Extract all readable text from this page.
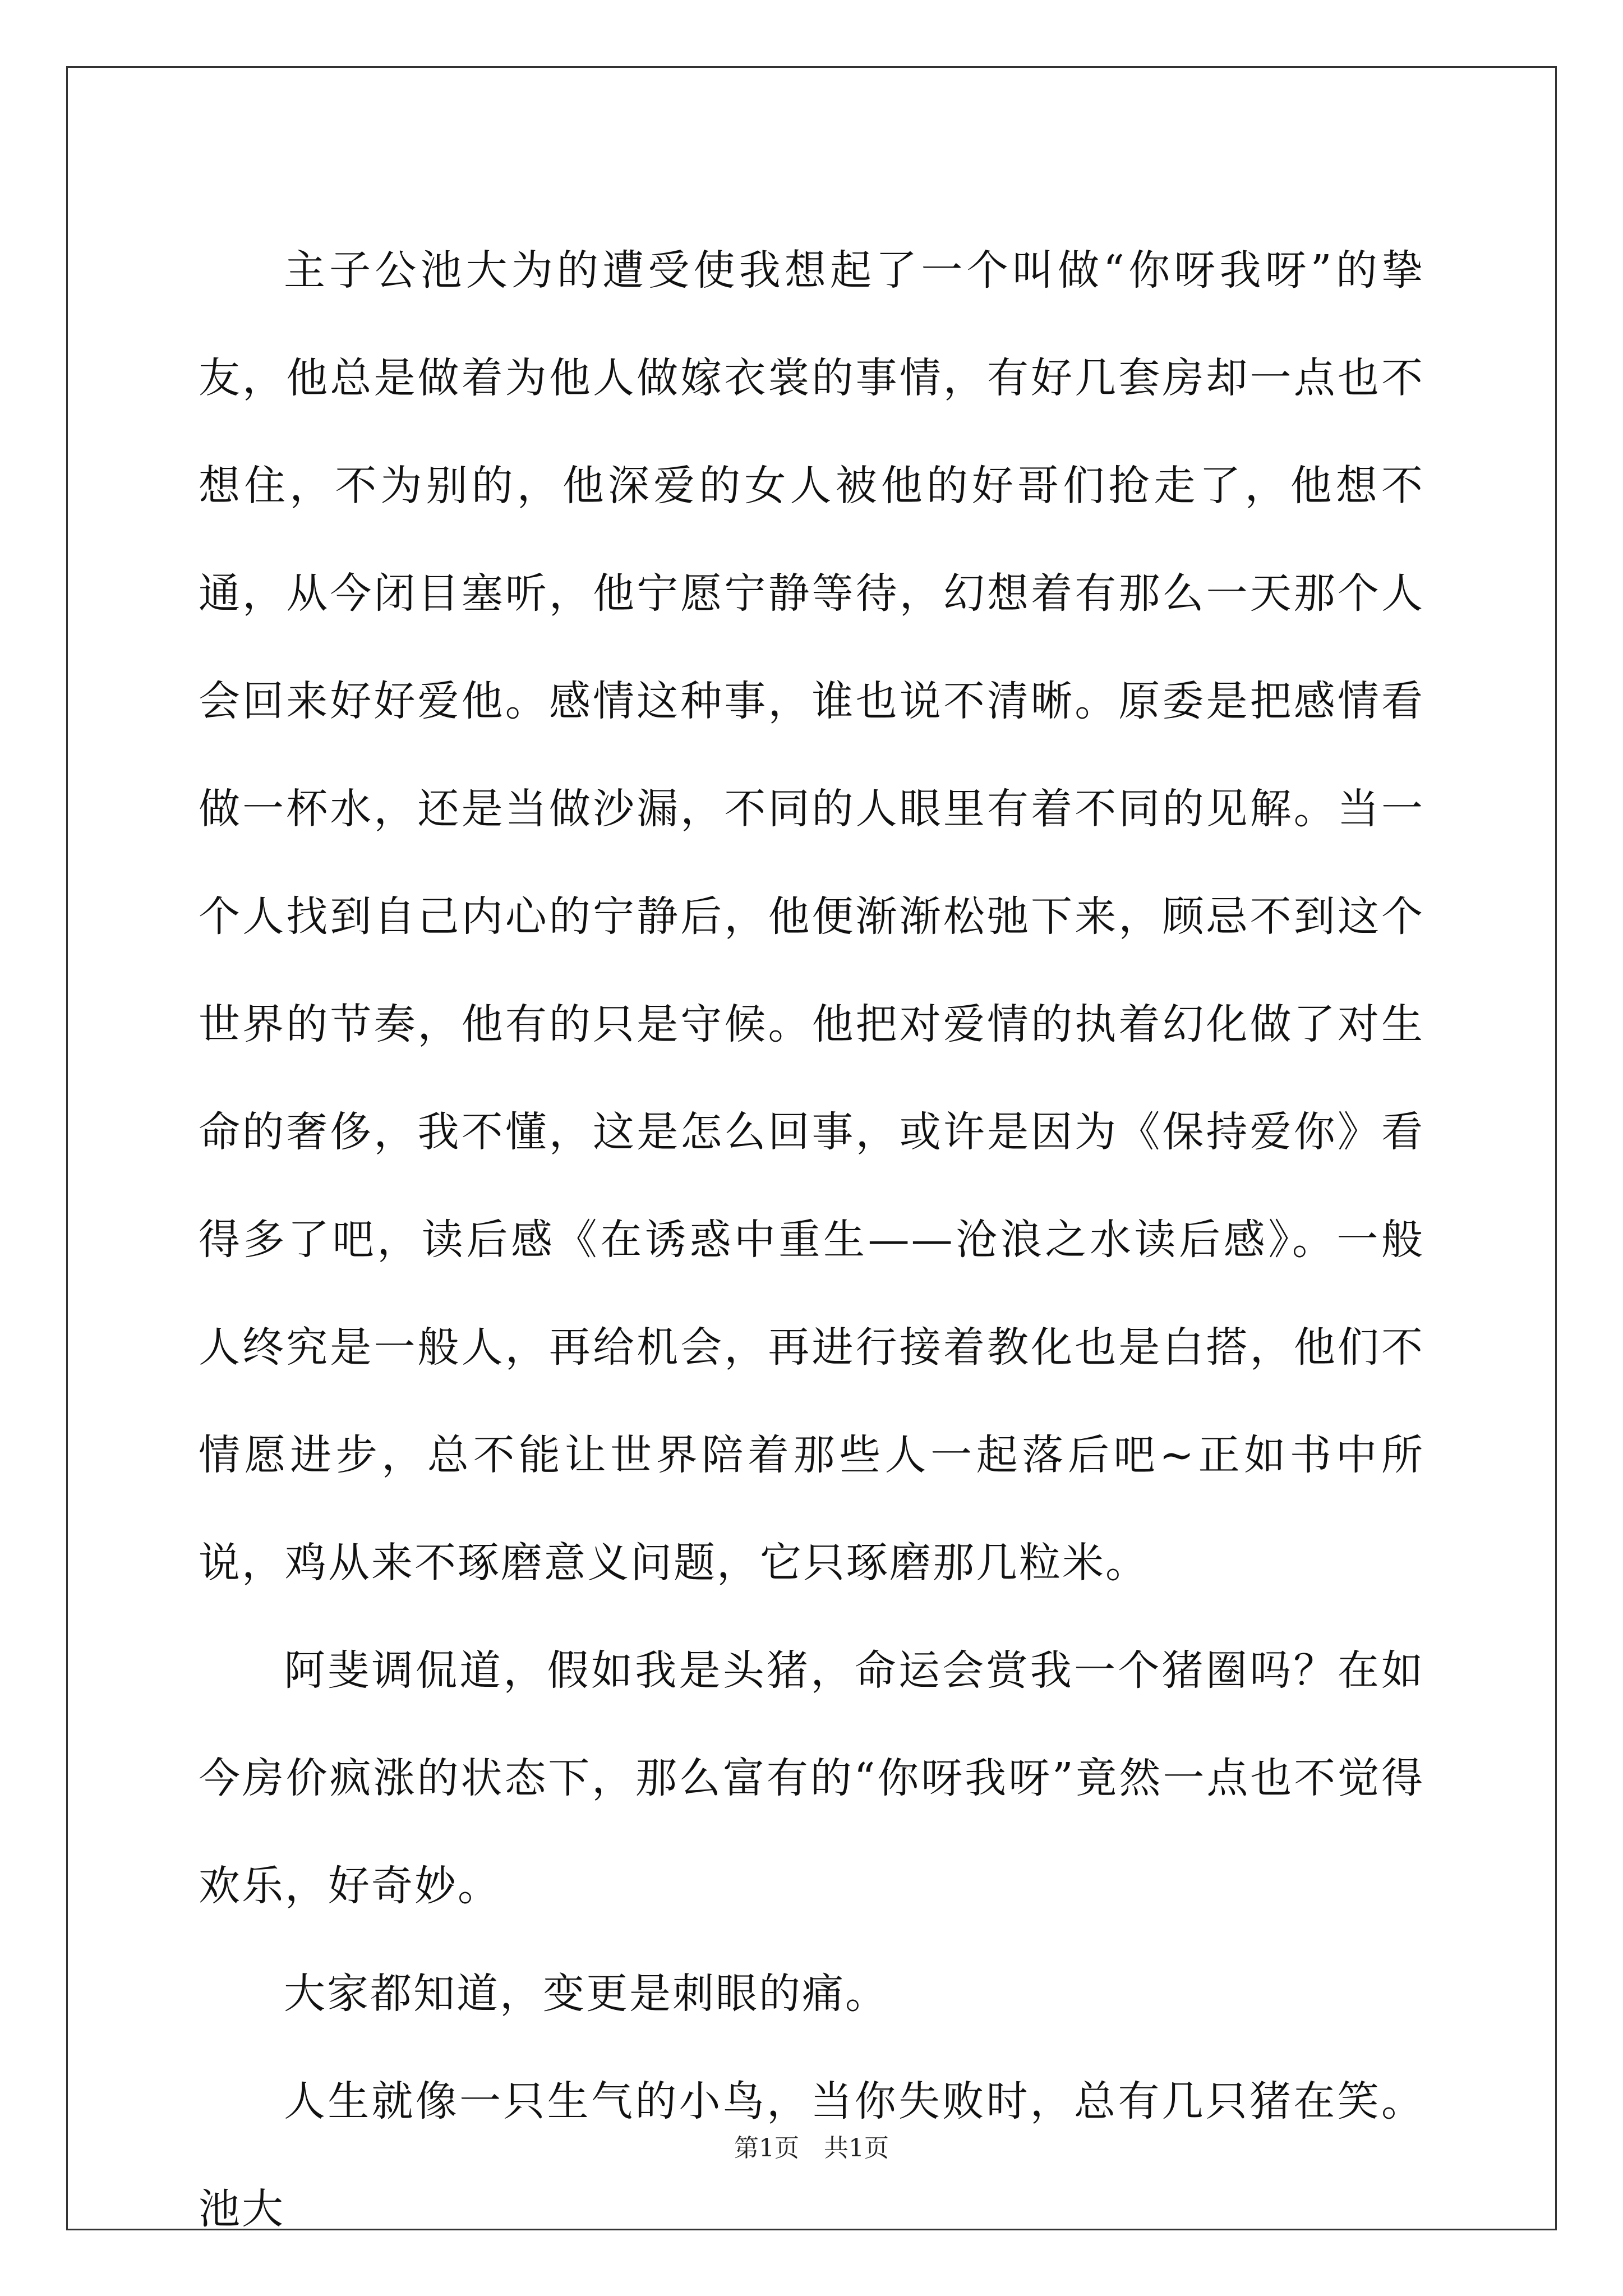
主子公池大为的遭受使我想起了一个叫做“你呀我呀”的挚友，他总是做着为他人做嫁衣裳的事情，有好几套房却一点也不想住，不为别的，他深爱的女人被他的好哥们抢走了，他想不通，从今闭目塞听，他宁愿宁静等待，幻想着有那么一天那个人会回来好好爱他。感情这种事，谁也说不清晰。原委是把感情看做一杯水，还是当做沙漏，不同的人眼里有着不同的见解。当一个人找到自己内心的宁静后，他便渐渐松弛下来，顾忌不到这个世界的节奏，他有的只是守候。他把对爱情的执着幻化做了对生命的奢侈，我不懂，这是怎么回事，或许是因为《保持爱你》看得多了吧，读后感《在诱惑中重生——沧浪之水读后感》。一般人终究是一般人，再给机会，再进行接着教化也是白搭，他们不情愿进步，总不能让世界陪着那些人一起落后吧~正如书中所说，鸡从来不琢磨意义问题，它只琢磨那几粒米。

阿斐调侃道，假如我是头猪，命运会赏我一个猪圈吗？在如今房价疯涨的状态下，那么富有的“你呀我呀”竟然一点也不觉得欢乐，好奇妙。

大家都知道，变更是刺眼的痛。

人生就像一只生气的小鸟，当你失败时，总有几只猪在笑。池大

第1页 共1页
